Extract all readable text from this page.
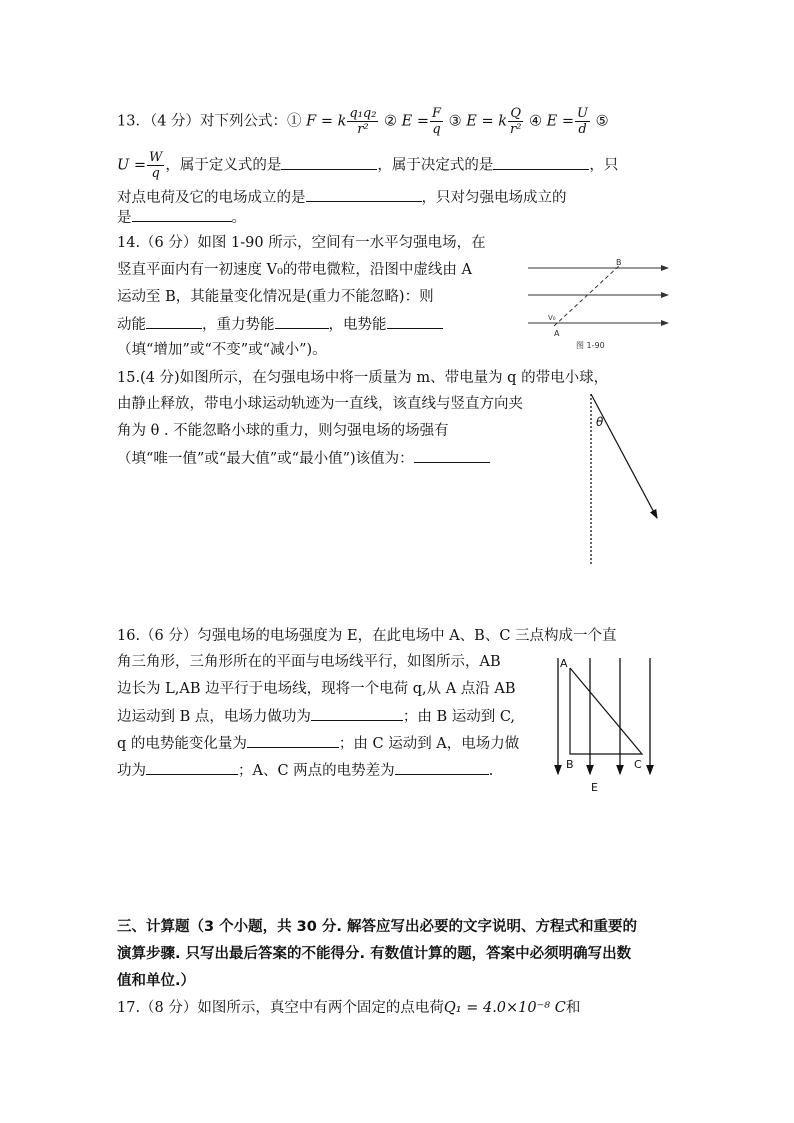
13．（4 分）对下列公式：① F = k $\frac{\text{q₁q₂}}{\text{r²}}$ ② $E = \frac{F}{q}$ ③ E = k $\frac{Q}{\text{r²}}$ ④ $E = \frac{U}{d}$ ⑤
$U = \frac{W}{q}$ ，属于定义式的是	，属于决定式的是	，只
对点电荷及它的电场成立的是	，只对匀强电场成立的
是	。
14.（6 分）如图 1-90 所示，空间有一水平匀强电场，在
竖直平面内有一初速度 V₀的带电微粒，沿图中虚线由 A
运动至 B，其能量变化情况是(重力不能忽略)：则
动能	，重力势能	，电势能
（填“增加”或“不变”或“减小”)。
A
B
V₀
图 1-90
15.(4 分)如图所示，在匀强电场中将一质量为 m、带电量为 q 的带电小球，
由静止释放，带电小球运动轨迹为一直线，该直线与竖直方向夹
角为 θ . 不能忽略小球的重力，则匀强电场的场强有
（填“唯一值”或“最大值”或“最小值”)该值为：
θ
16.（6 分）匀强电场的电场强度为 E，在此电场中 A、B、C 三点构成一个直
角三角形，三角形所在的平面与电场线平行，如图所示，AB
边长为 L,AB 边平行于电场线，现将一个电荷 q,从 A 点沿 AB
边运动到 B 点，电场力做功为	；由 B 运动到 C,
q 的电势能变化量为	；由 C 运动到 A，电场力做
功为	；A、C 两点的电势差为	.
A
B	C
E
三、计算题（3 个小题，共 30 分. 解答应写出必要的文字说明、方程式和重要的
演算步骤. 只写出最后答案的不能得分. 有数值计算的题，答案中必须明确写出数
值和单位.）
17.（8 分）如图所示，真空中有两个固定的点电荷Q₁ = 4.0×10⁻⁸ C和
